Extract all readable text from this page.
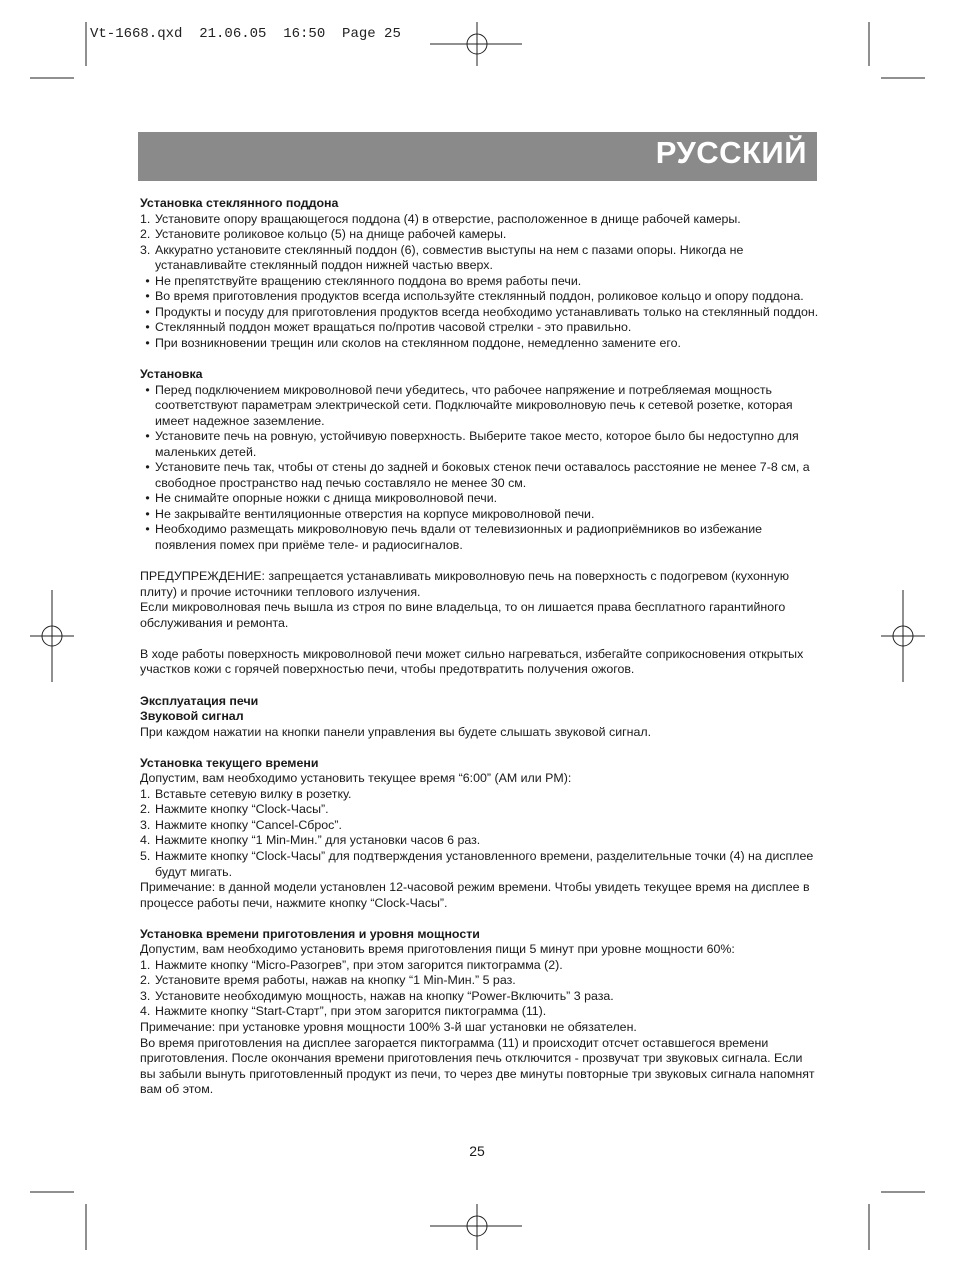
Vt-1668.qxd  21.06.05  16:50  Page 25
РУССКИЙ
Установка стеклянного поддона
1. Установите опору вращающегося поддона (4) в отверстие, расположенное в днище рабочей камеры.
2. Установите роликовое кольцо (5) на днище рабочей камеры.
3. Аккуратно установите стеклянный поддон (6), совместив выступы на нем с пазами опоры. Никогда не устанавливайте стеклянный поддон нижней частью вверх.
• Не препятствуйте вращению стеклянного поддона во время работы печи.
• Во время приготовления продуктов всегда используйте стеклянный поддон, роликовое кольцо и опору поддона.
• Продукты и посуду для приготовления продуктов всегда необходимо устанавливать только на стеклянный поддон.
• Стеклянный поддон может вращаться по/против часовой стрелки - это правильно.
• При возникновении трещин или сколов на стеклянном поддоне, немедленно замените его.
Установка
• Перед подключением микроволновой печи убедитесь, что рабочее напряжение и потребляемая мощность соответствуют параметрам электрической сети. Подключайте микроволновую печь к сетевой розетке, которая имеет надежное заземление.
• Установите печь на ровную, устойчивую поверхность. Выберите такое место, которое было бы недоступно для маленьких детей.
• Установите печь так, чтобы от стены до задней и боковых стенок печи оставалось расстояние не менее 7-8 см, а свободное пространство над печью составляло не менее 30 см.
• Не снимайте опорные ножки с днища микроволновой печи.
• Не закрывайте вентиляционные отверстия на корпусе микроволновой печи.
• Необходимо размещать микроволновую печь вдали от телевизионных и радиоприёмников во избежание появления помех при приёме теле- и радиосигналов.
ПРЕДУПРЕЖДЕНИЕ: запрещается устанавливать микроволновую печь на поверхность с подогревом (кухонную плиту) и прочие источники теплового излучения.
Если микроволновая печь вышла из строя по вине владельца, то он лишается права бесплатного гарантийного обслуживания и ремонта.
В ходе работы поверхность микроволновой печи может сильно нагреваться, избегайте соприкосновения открытых участков кожи с горячей поверхностью печи, чтобы предотвратить получения ожогов.
Эксплуатация печи
Звуковой сигнал
При каждом нажатии на кнопки панели управления вы будете слышать звуковой сигнал.
Установка текущего времени
Допустим, вам необходимо установить текущее время “6:00” (AM или PM):
1. Вставьте сетевую вилку в розетку.
2. Нажмите кнопку “Clock-Часы”.
3. Нажмите кнопку “Cancel-Сброс”.
4. Нажмите кнопку “1 Min-Мин.” для установки часов 6 раз.
5. Нажмите кнопку “Clock-Часы” для подтверждения установленного времени, разделительные точки (4) на дисплее будут мигать.
Примечание: в данной модели установлен 12-часовой режим времени. Чтобы увидеть текущее время на дисплее в процессе работы печи, нажмите кнопку “Clock-Часы”.
Установка времени приготовления и уровня мощности
Допустим, вам необходимо установить время приготовления пищи 5 минут при уровне мощности 60%:
1. Нажмите кнопку “Micro-Разогрев”, при этом загорится пиктограмма (2).
2. Установите время работы, нажав на кнопку “1 Min-Мин.” 5 раз.
3. Установите необходимую мощность, нажав на кнопку “Power-Включить” 3 раза.
4. Нажмите кнопку “Start-Старт”, при этом загорится пиктограмма (11).
Примечание: при установке уровня мощности 100% 3-й шаг установки не обязателен.
Во время приготовления на дисплее загорается пиктограмма (11) и происходит отсчет оставшегося времени приготовления. После окончания времени приготовления печь отключится - прозвучат три звуковых сигнала. Если вы забыли вынуть приготовленный продукт из печи, то через две минуты повторные три звуковых сигнала напомнят вам об этом.
25
